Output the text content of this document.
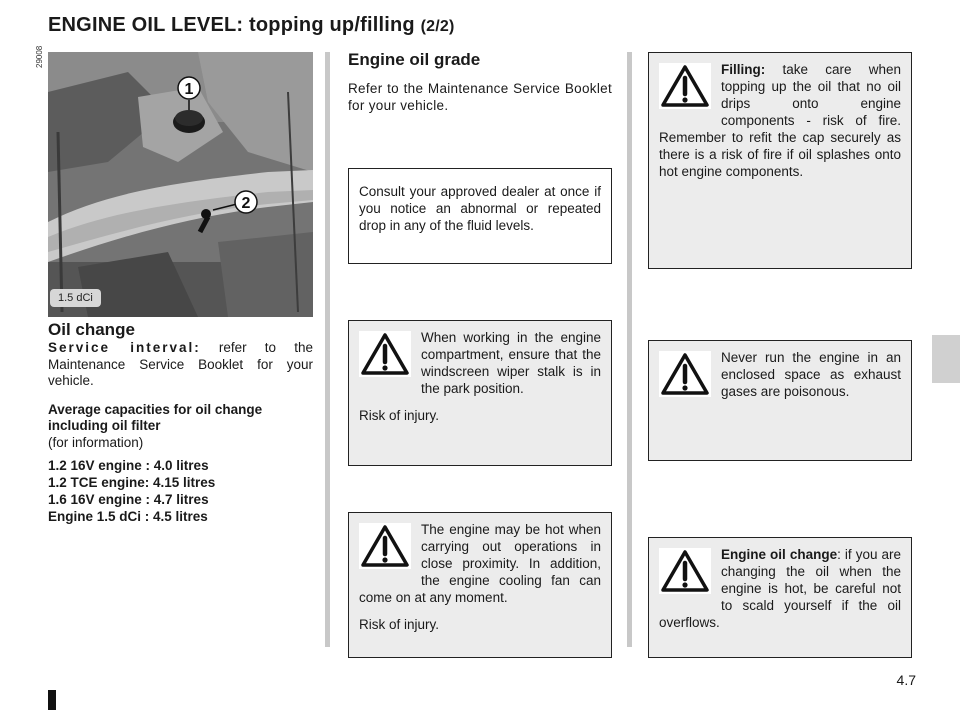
ENGINE OIL LEVEL: topping up/filling (2/2)
29008
1
2
1.5 dCi
Oil change

Service interval: refer to the Maintenance Service Booklet for your vehicle.

Average capacities for oil change including oil filter

(for information)

1.2 16V engine : 4.0 litres
1.2 TCE engine: 4.15 litres
1.6 16V engine : 4.7 litres
Engine 1.5 dCi : 4.5 litres
Engine oil grade

Refer to the Maintenance Service Booklet for your vehicle.

Consult your approved dealer at once if you notice an abnormal or repeated drop in any of the fluid levels.

When working in the engine compartment, ensure that the windscreen wiper stalk is in the park position.

Risk of injury.

The engine may be hot when carrying out operations in close proximity. In addition, the engine cooling fan can come on at any moment.

Risk of injury.

Filling: take care when topping up the oil that no oil drips onto engine components - risk of fire. Remember to refit the cap securely as there is a risk of fire if oil splashes onto hot engine components.

Never run the engine in an enclosed space as exhaust gases are poisonous.

Engine oil change: if you are changing the oil when the engine is hot, be careful not to scald yourself if the oil overflows.

4.7
